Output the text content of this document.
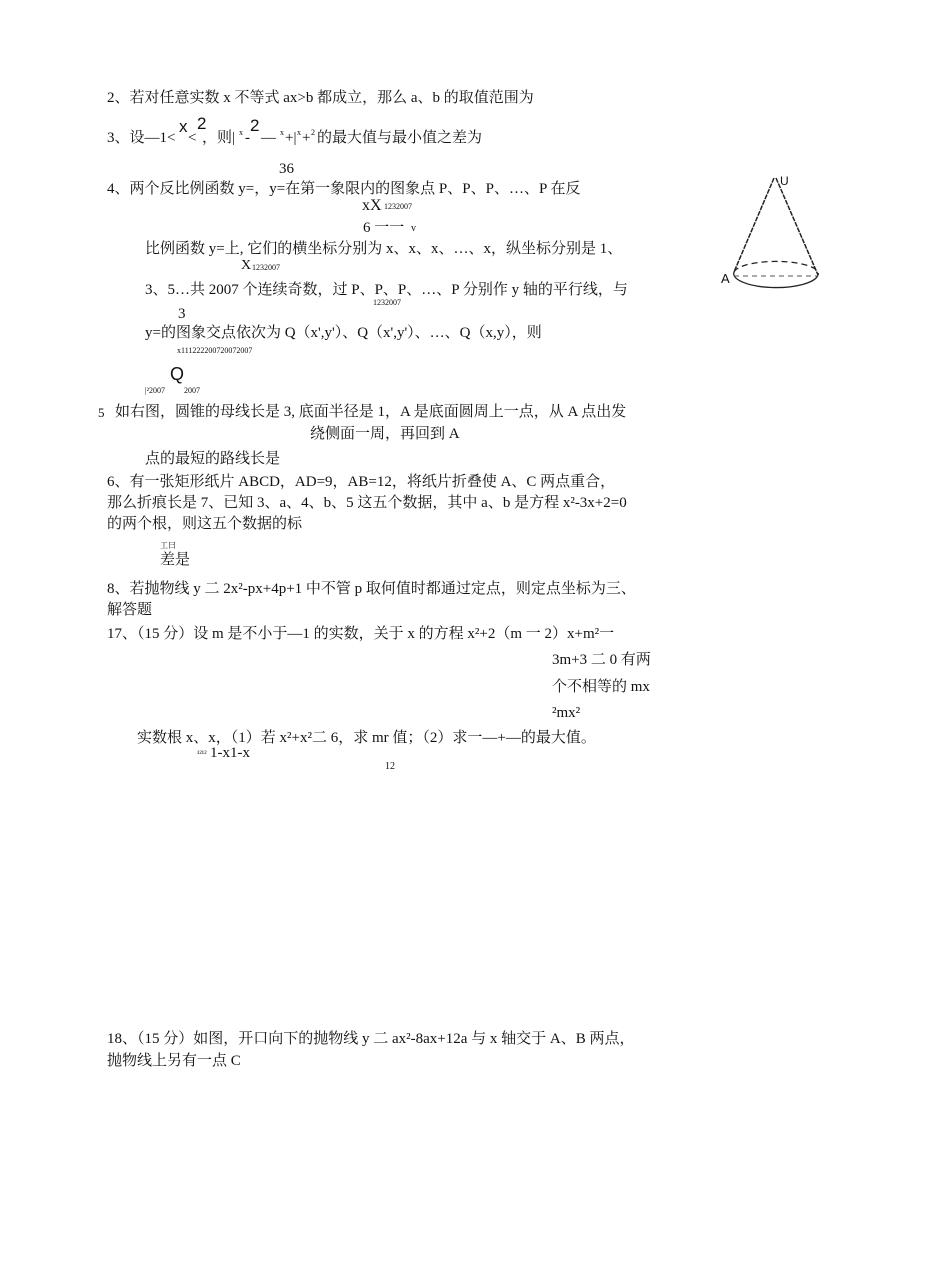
2、若对任意实数 x 不等式 ax>b 都成立，那么 a、b 的取值范围为
3、设—1<
x 2
< ，则| x -
2
— x +| x + 2 的最大值与最小值之差为
36
4、两个反比例函数 y=，y=在第一象限内的图象点 P、P、P、…、P 在反
xX 1232007
6 一一 v
比例函数 y=上, 它们的横坐标分别为 x、x、x、…、x，纵坐标分别是 1、
X 1232007
3、5…共 2007 个连续奇数，过 P、P、P、…、P 分别作 y 轴的平行线，与
1232007
3
y=的图象交点依次为 Q（x',y'）、Q（x',y'）、…、Q（x,y），则
x111222200720072007
Q
|²2007 2007
A
U
5 如右图，圆锥的母线长是 3, 底面半径是 1，A 是底面圆周上一点，从 A 点出发
绕侧面一周，再回到 A
点的最短的路线长是
6、有一张矩形纸片 ABCD，AD=9，AB=12，将纸片折叠使 A、C 两点重合，
那么折痕长是 7、已知 3、a、4、b、5 这五个数据，其中 a、b 是方程 x²-3x+2=0
的两个根，则这五个数据的标
工曰
差是
8、若抛物线 y 二 2x²-px+4p+1 中不管 p 取何值时都通过定点，则定点坐标为三、
解答题
17、（15 分）设 m 是不小于—1 的实数，关于 x 的方程 x²+2（m 一 2）x+m²一
3m+3 二 0 有两
个不相等的 mx
²mx²
实数根 x、x，（1）若 x²+x²二 6，求 mr 值；（2）求一—+—的最大值。
¹²¹² 1-x1-x
12
18、（15 分）如图，开口向下的抛物线 y 二 ax²-8ax+12a 与 x 轴交于 A、B 两点，
抛物线上另有一点 C
